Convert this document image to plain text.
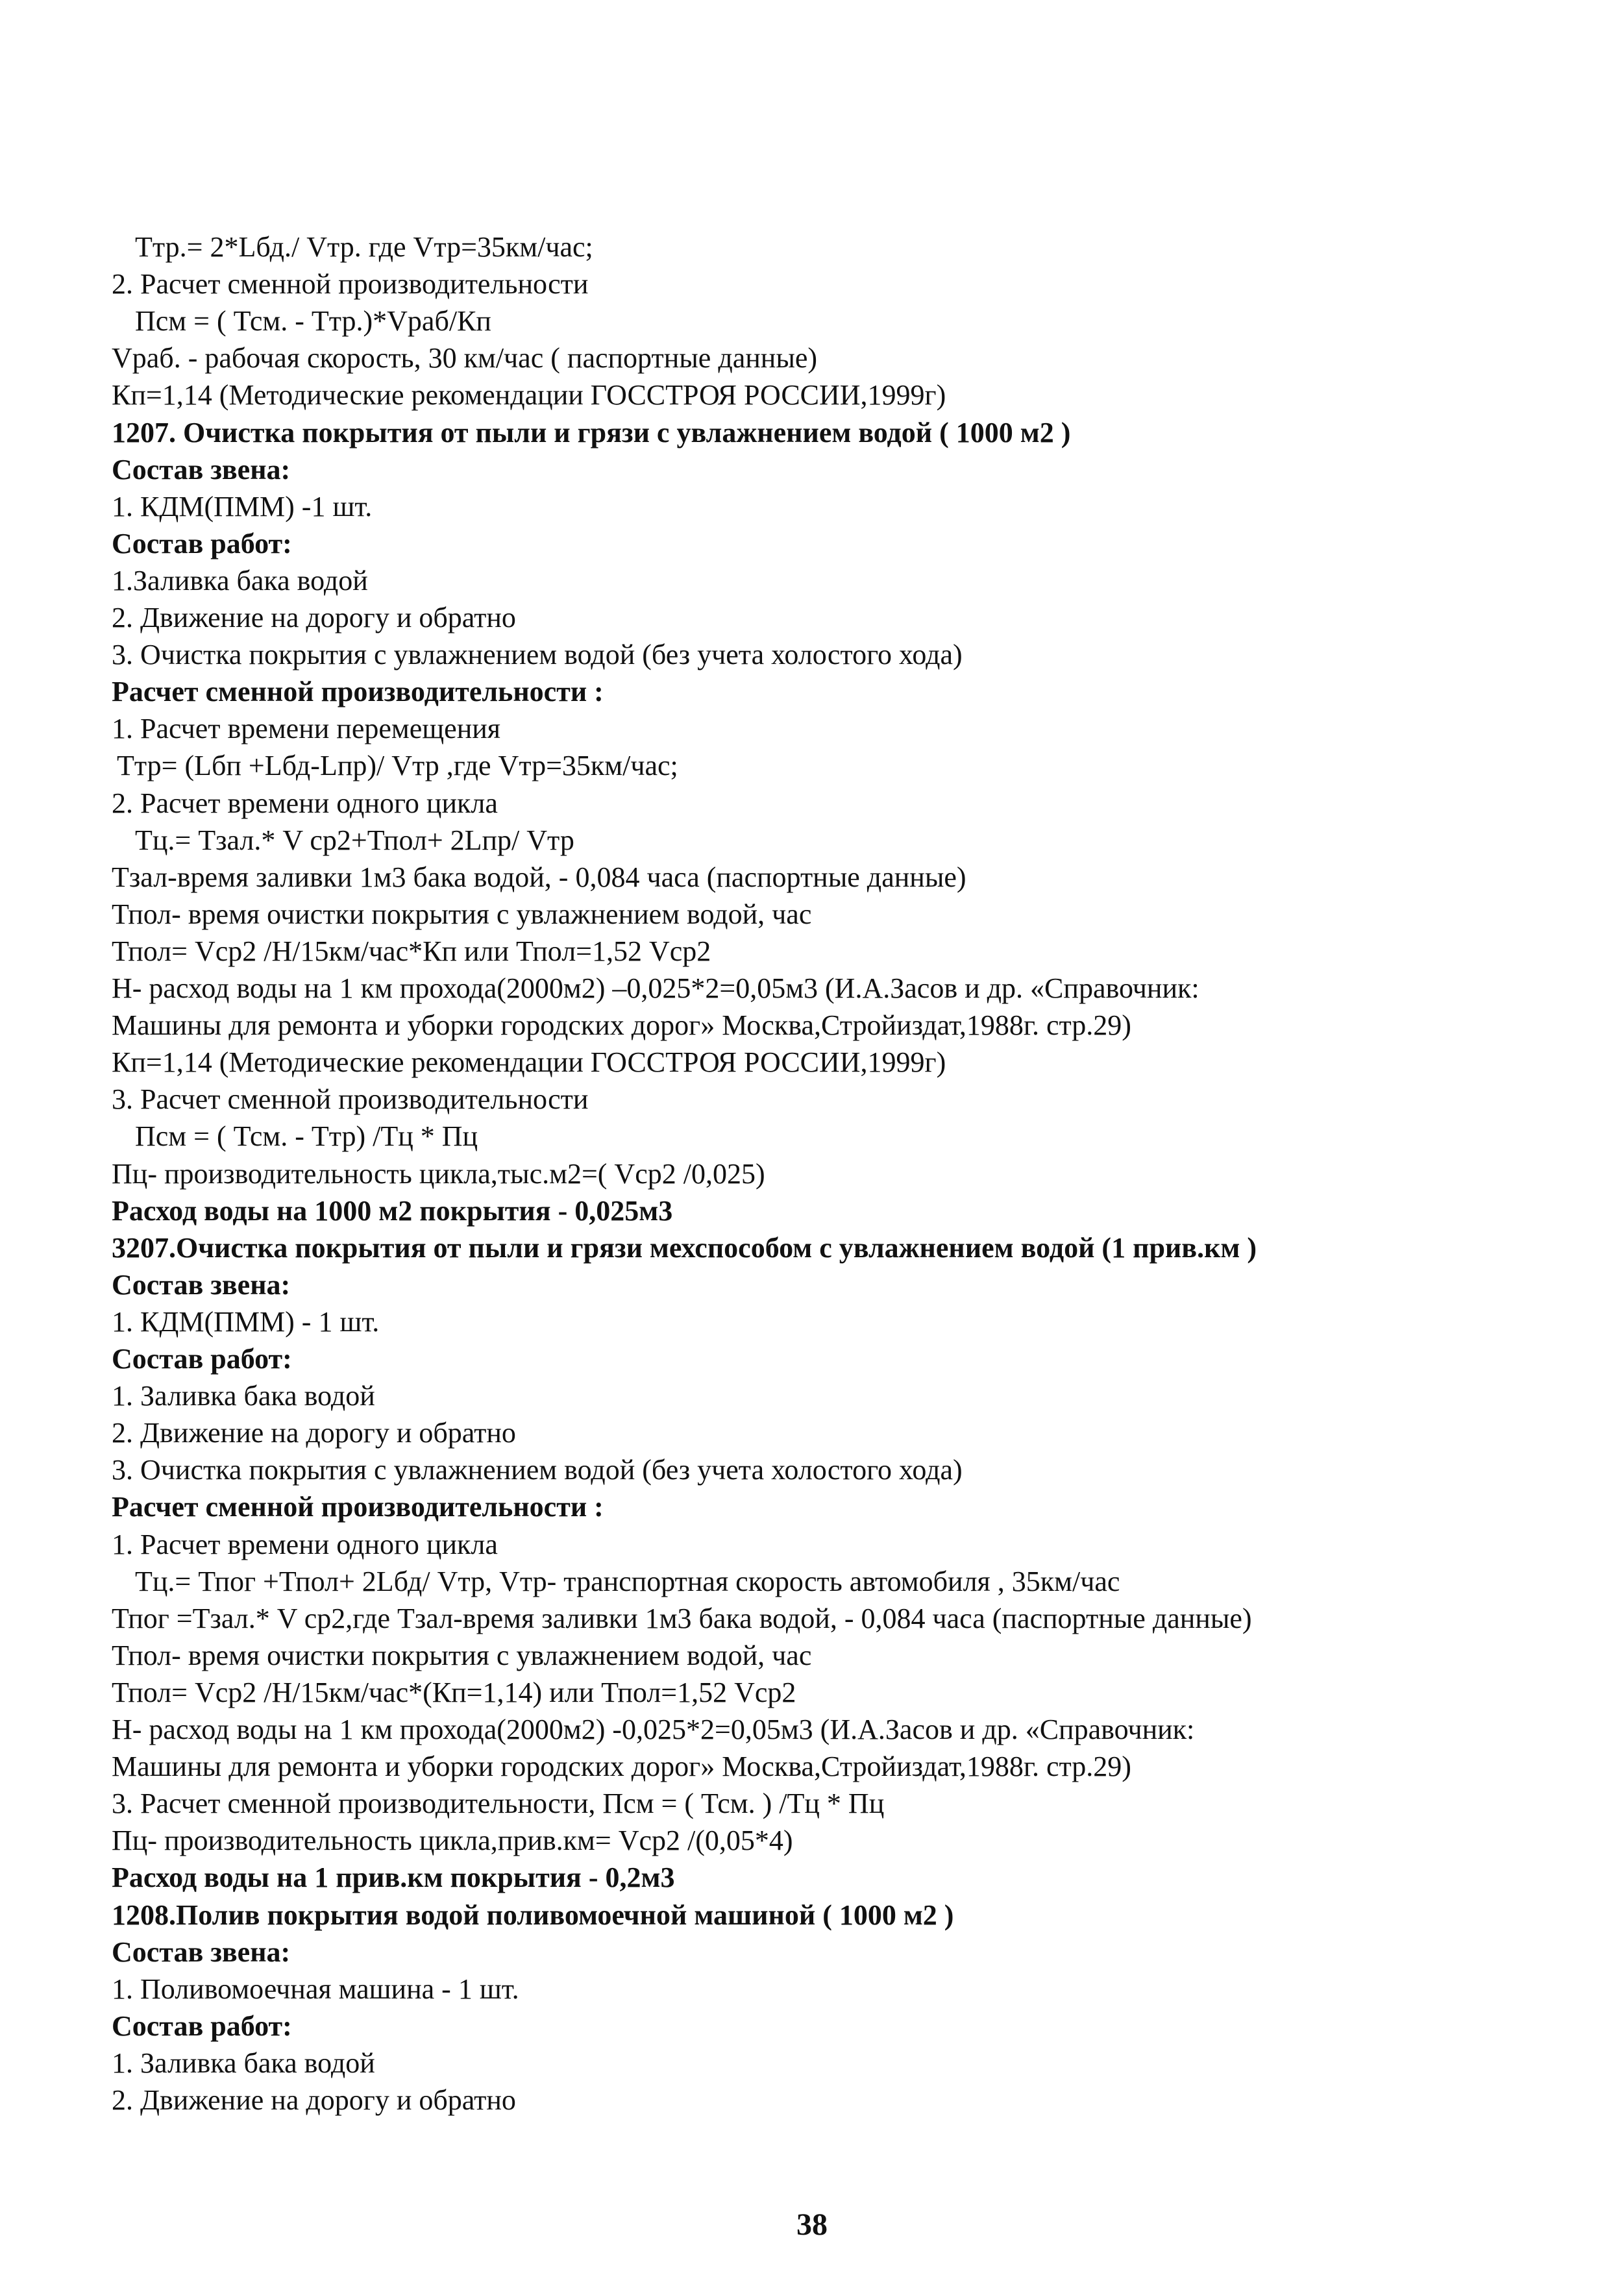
Ттр.= 2*Lбд./ Vтр. где Vтр=35км/час;
2. Расчет сменной производительности
Псм = ( Тсм. - Ттр.)*Vраб/Кп
Vраб. - рабочая скорость, 30 км/час ( паспортные данные)
Кп=1,14 (Методические рекомендации ГОССТРОЯ РОССИИ,1999г)
1207. Очистка покрытия от пыли и грязи с увлажнением водой ( 1000 м2 )
Состав звена:
1. КДМ(ПММ) -1 шт.
Состав работ:
1.Заливка бака водой
2. Движение на дорогу и обратно
3. Очистка покрытия с увлажнением водой (без учета холостого хода)
Расчет сменной производительности :
1. Расчет времени перемещения
Ттр= (Lбп +Lбд-Lпр)/ Vтр ,где Vтр=35км/час;
2. Расчет времени одного цикла
Тц.= Тзал.* V ср2+Тпол+ 2Lпр/ Vтр
Тзал-время заливки 1м3 бака водой, - 0,084 часа (паспортные данные)
Тпол- время очистки покрытия с увлажнением водой, час
Тпол= Vср2 /Н/15км/час*Кп или Тпол=1,52 Vср2
Н- расход воды на 1 км прохода(2000м2) –0,025*2=0,05м3 (И.А.Засов и др. «Справочник:
Машины для ремонта и уборки городских дорог» Москва,Стройиздат,1988г. стр.29)
Кп=1,14 (Методические рекомендации ГОССТРОЯ РОССИИ,1999г)
3. Расчет сменной производительности
Псм = ( Тсм. - Ттр) /Тц * Пц
Пц- производительность цикла,тыс.м2=( Vср2 /0,025)
Расход воды на 1000 м2 покрытия - 0,025м3
3207.Очистка покрытия от пыли и грязи мехспособом с увлажнением водой (1 прив.км )
Состав звена:
1. КДМ(ПММ) - 1 шт.
Состав работ:
1. Заливка бака водой
2. Движение на дорогу и обратно
3. Очистка покрытия с увлажнением водой (без учета холостого хода)
Расчет сменной производительности :
1. Расчет времени одного цикла
Тц.= Тпог +Тпол+ 2Lбд/ Vтр, Vтр- транспортная скорость автомобиля , 35км/час
Тпог =Тзал.* V ср2,где Тзал-время заливки 1м3 бака водой, - 0,084 часа (паспортные данные)
Тпол- время очистки покрытия с увлажнением водой, час
Тпол= Vср2 /Н/15км/час*(Кп=1,14) или Тпол=1,52 Vср2
Н- расход воды на 1 км прохода(2000м2) -0,025*2=0,05м3 (И.А.Засов и др. «Справочник:
Машины для ремонта и уборки городских дорог» Москва,Стройиздат,1988г. стр.29)
3. Расчет сменной производительности, Псм = ( Тсм. ) /Тц * Пц
Пц- производительность цикла,прив.км= Vср2 /(0,05*4)
Расход воды на 1 прив.км покрытия - 0,2м3
1208.Полив покрытия водой поливомоечной машиной ( 1000 м2 )
Состав звена:
1. Поливомоечная машина - 1 шт.
Состав работ:
1. Заливка бака водой
2. Движение на дорогу и обратно
38
